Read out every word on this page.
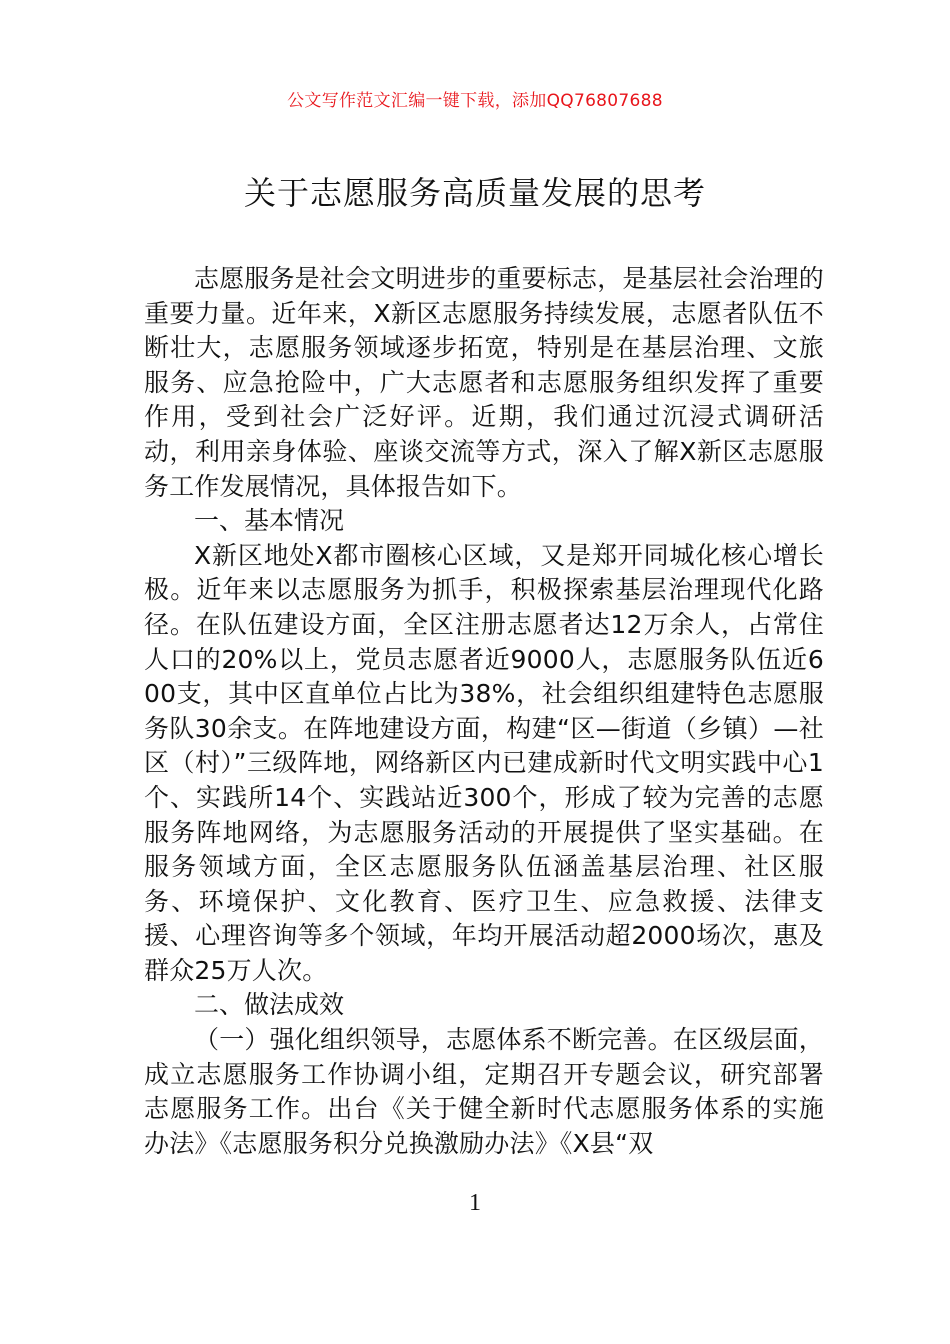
公文写作范文汇编一键下载，添加QQ76807688
关于志愿服务高质量发展的思考

志愿服务是社会文明进步的重要标志，是基层社会治理的重要力量。近年来，X新区志愿服务持续发展，志愿者队伍不断壮大，志愿服务领域逐步拓宽，特别是在基层治理、文旅服务、应急抢险中，广大志愿者和志愿服务组织发挥了重要作用，受到社会广泛好评。近期，我们通过沉浸式调研活动，利用亲身体验、座谈交流等方式，深入了解X新区志愿服务工作发展情况，具体报告如下。

一、基本情况

X新区地处X都市圈核心区域，又是郑开同城化核心增长极。近年来以志愿服务为抓手，积极探索基层治理现代化路径。在队伍建设方面，全区注册志愿者达12万余人，占常住人口的20%以上，党员志愿者近9000人，志愿服务队伍近600支，其中区直单位占比为38%，社会组织组建特色志愿服务队30余支。在阵地建设方面，构建“区—街道（乡镇）—社区（村）”三级阵地，网络新区内已建成新时代文明实践中心1个、实践所14个、实践站近300个，形成了较为完善的志愿服务阵地网络，为志愿服务活动的开展提供了坚实基础。在服务领域方面，全区志愿服务队伍涵盖基层治理、社区服务、环境保护、文化教育、医疗卫生、应急救援、法律支援、心理咨询等多个领域，年均开展活动超2000场次，惠及群众25万人次。

二、做法成效

（一）强化组织领导，志愿体系不断完善。在区级层面，成立志愿服务工作协调小组，定期召开专题会议，研究部署志愿服务工作。出台《关于健全新时代志愿服务体系的实施办法》《志愿服务积分兑换激励办法》《X县“双

1
